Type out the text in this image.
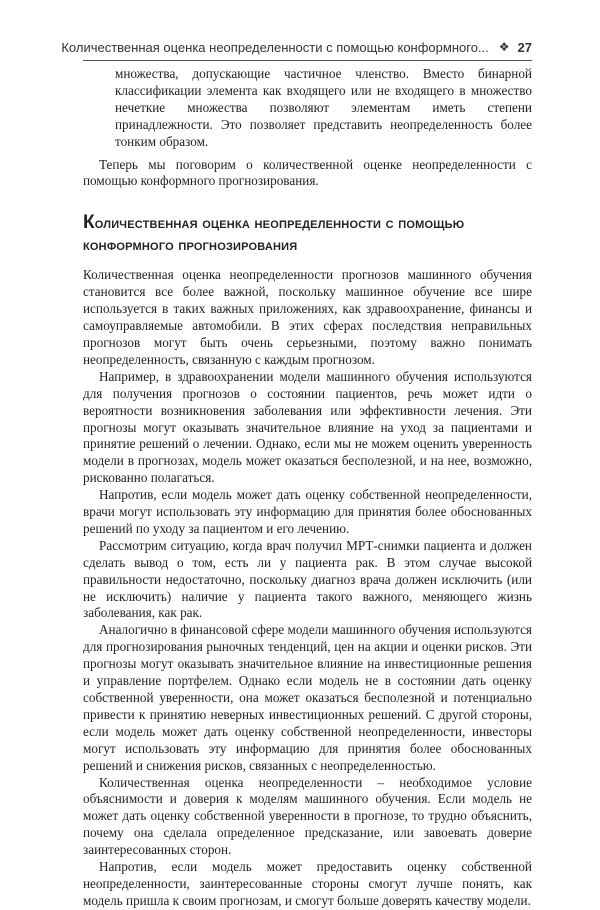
Количественная оценка неопределенности с помощью конформного... ❖ 27
множества, допускающие частичное членство. Вместо бинарной классификации элемента как входящего или не входящего в множество нечеткие множества позволяют элементам иметь степени принадлежности. Это позволяет представить неопределенность более тонким образом.

Теперь мы поговорим о количественной оценке неопределенности с помощью конформного прогнозирования.

Количественная оценка неопределенности с помощью конформного прогнозирования

Количественная оценка неопределенности прогнозов машинного обучения становится все более важной, поскольку машинное обучение все шире используется в таких важных приложениях, как здравоохранение, финансы и самоуправляемые автомобили. В этих сферах последствия неправильных прогнозов могут быть очень серьезными, поэтому важно понимать неопределенность, связанную с каждым прогнозом.

Например, в здравоохранении модели машинного обучения используются для получения прогнозов о состоянии пациентов, речь может идти о вероятности возникновения заболевания или эффективности лечения. Эти прогнозы могут оказывать значительное влияние на уход за пациентами и принятие решений о лечении. Однако, если мы не можем оценить уверенность модели в прогнозах, модель может оказаться бесполезной, и на нее, возможно, рискованно полагаться.

Напротив, если модель может дать оценку собственной неопределенности, врачи могут использовать эту информацию для принятия более обоснованных решений по уходу за пациентом и его лечению.

Рассмотрим ситуацию, когда врач получил МРТ-снимки пациента и должен сделать вывод о том, есть ли у пациента рак. В этом случае высокой правильности недостаточно, поскольку диагноз врача должен исключить (или не исключить) наличие у пациента такого важного, меняющего жизнь заболевания, как рак.

Аналогично в финансовой сфере модели машинного обучения используются для прогнозирования рыночных тенденций, цен на акции и оценки рисков. Эти прогнозы могут оказывать значительное влияние на инвестиционные решения и управление портфелем. Однако если модель не в состоянии дать оценку собственной уверенности, она может оказаться бесполезной и потенциально привести к принятию неверных инвестиционных решений. С другой стороны, если модель может дать оценку собственной неопределенности, инвесторы могут использовать эту информацию для принятия более обоснованных решений и снижения рисков, связанных с неопределенностью.

Количественная оценка неопределенности – необходимое условие объяснимости и доверия к моделям машинного обучения. Если модель не может дать оценку собственной уверенности в прогнозе, то трудно объяснить, почему она сделала определенное предсказание, или завоевать доверие заинтересованных сторон.

Напротив, если модель может предоставить оценку собственной неопределенности, заинтересованные стороны смогут лучше понять, как модель пришла к своим прогнозам, и смогут больше доверять качеству модели.
